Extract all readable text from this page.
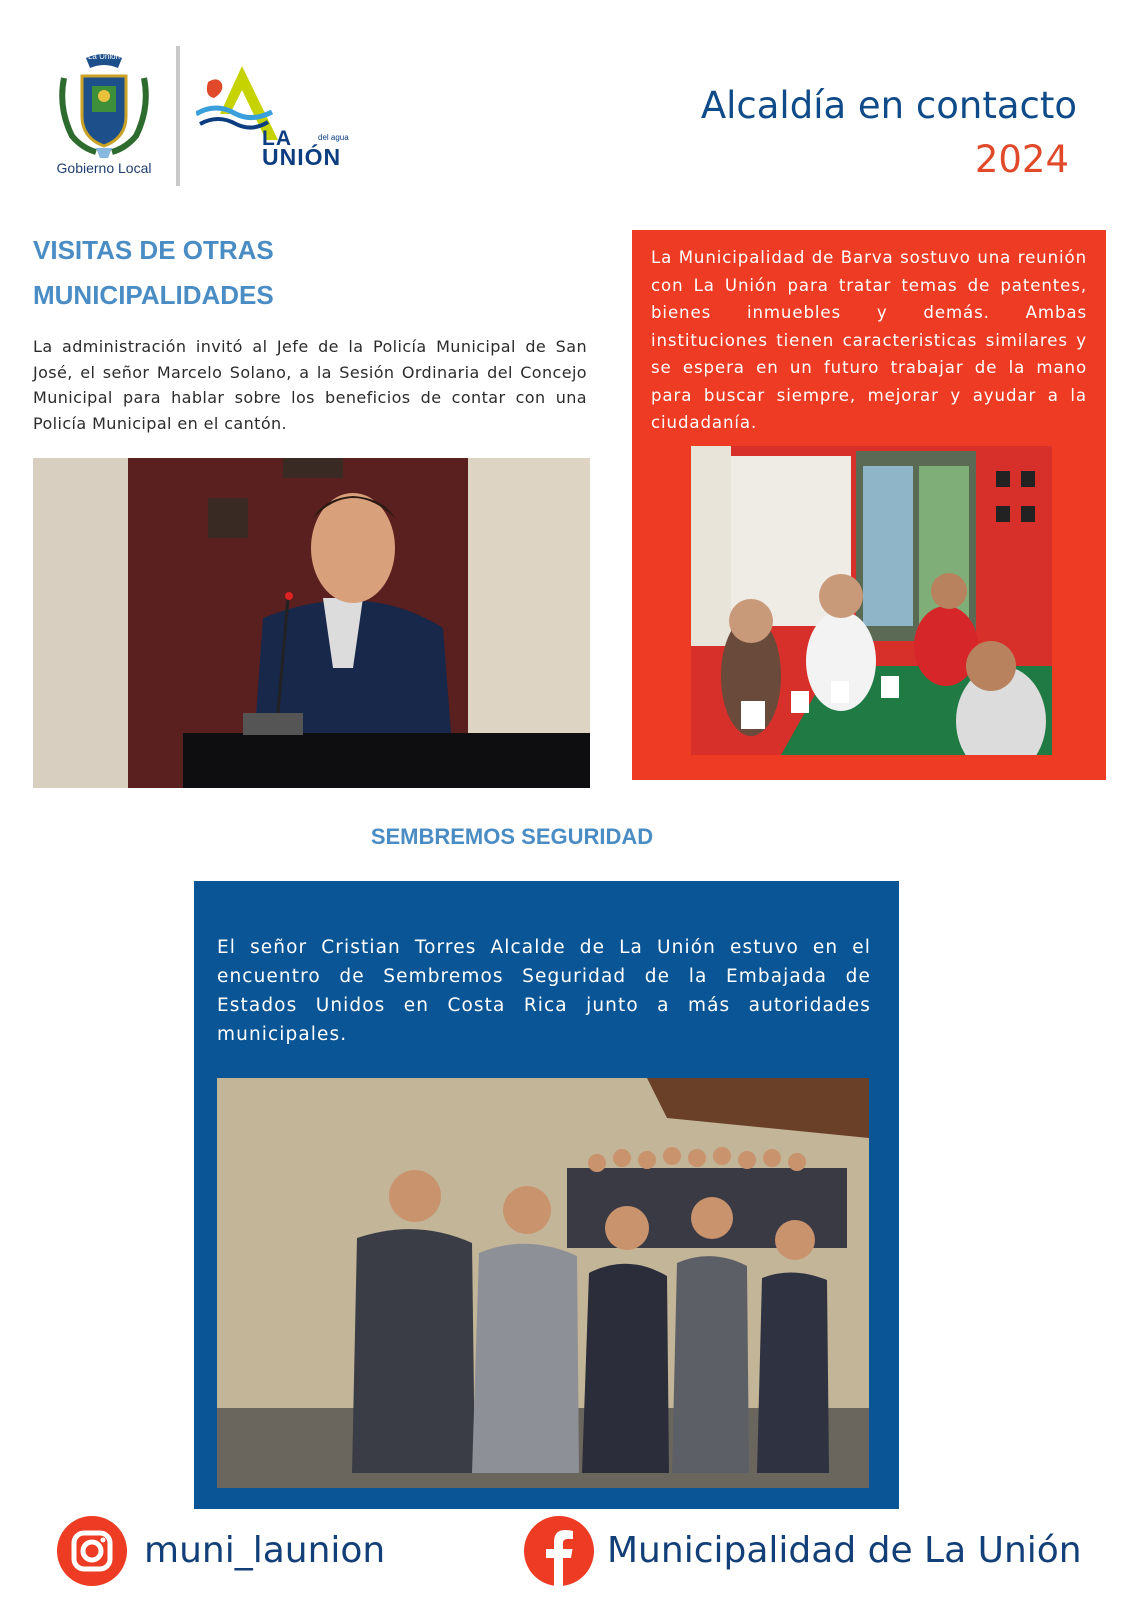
La Unión
Gobierno Local
LA	del agua
UNIÓN
Alcaldía en contacto
2024
VISITAS DE OTRAS MUNICIPALIDADES
La administración invitó al Jefe de la Policía Municipal de San José, el señor Marcelo Solano, a la Sesión Ordinaria del Concejo Municipal para hablar sobre los beneficios de contar con una Policía Municipal en el cantón.
La Municipalidad de Barva sostuvo una reunión con La Unión para tratar temas de patentes, bienes inmuebles y demás. Ambas instituciones tienen caracteristicas similares y se espera en un futuro trabajar de la mano para buscar siempre, mejorar y ayudar a la ciudadanía.
SEMBREMOS SEGURIDAD
El señor Cristian Torres Alcalde de La Unión estuvo en el encuentro de Sembremos Seguridad de la Embajada de Estados Unidos en Costa Rica junto a más autoridades municipales.
muni_launion	Municipalidad de La Unión
